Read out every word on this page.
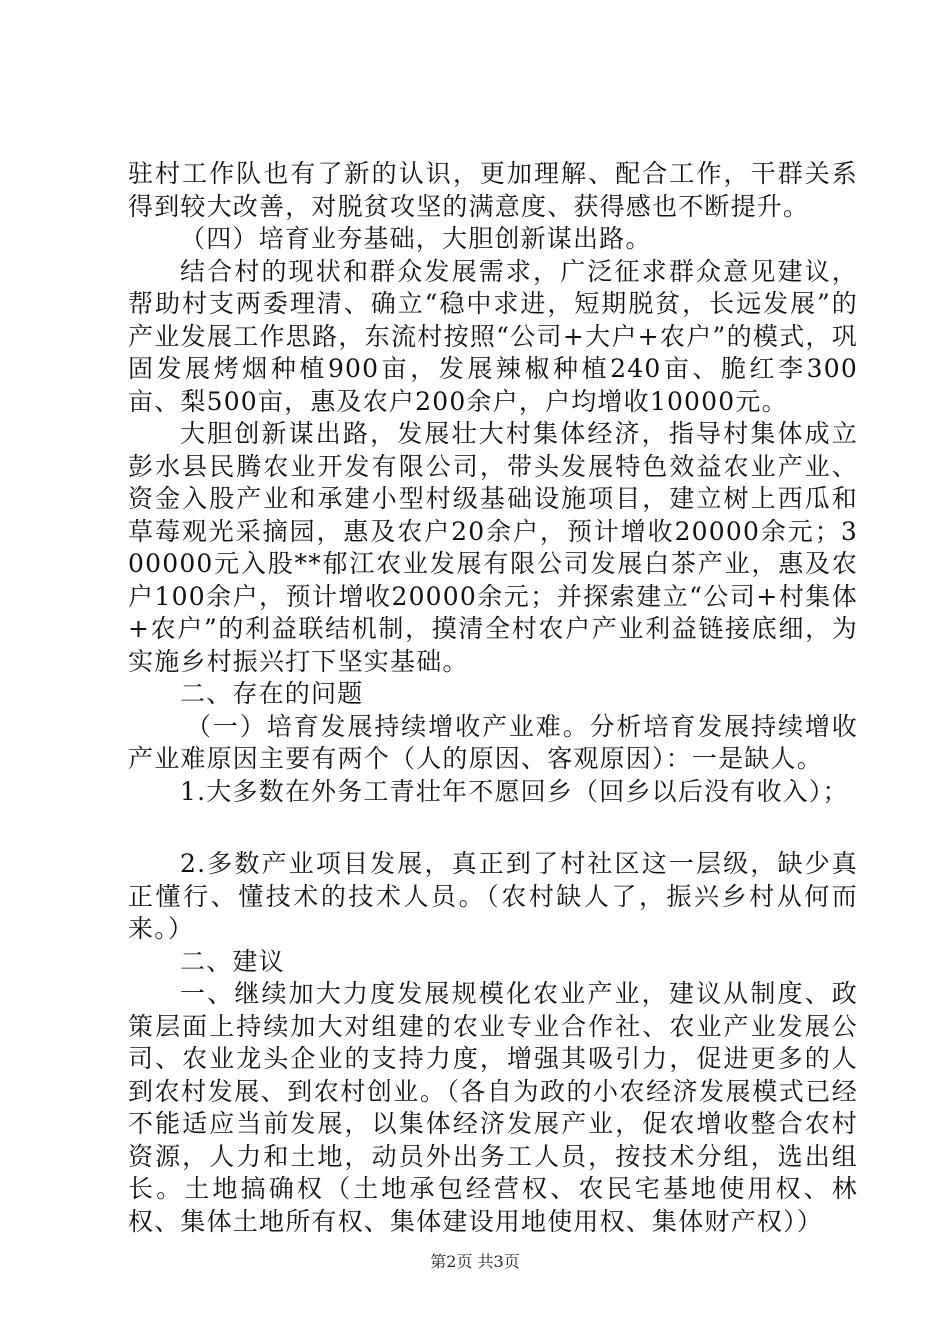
驻村工作队也有了新的认识，更加理解、配合工作，干群关系得到较大改善，对脱贫攻坚的满意度、获得感也不断提升。

（四）培育业夯基础，大胆创新谋出路。

结合村的现状和群众发展需求，广泛征求群众意见建议，帮助村支两委理清、确立“稳中求进，短期脱贫，长远发展”的产业发展工作思路，东流村按照“公司+大户+农户”的模式，巩固发展烤烟种植900亩，发展辣椒种植240亩、脆红李300亩、梨500亩，惠及农户200余户，户均增收10000元。

大胆创新谋出路，发展壮大村集体经济，指导村集体成立彭水县民腾农业开发有限公司，带头发展特色效益农业产业、资金入股产业和承建小型村级基础设施项目，建立树上西瓜和草莓观光采摘园，惠及农户20余户，预计增收20000余元；300000元入股**郁江农业发展有限公司发展白茶产业，惠及农户100余户，预计增收20000余元；并探索建立“公司+村集体+农户”的利益联结机制，摸清全村农户产业利益链接底细，为实施乡村振兴打下坚实基础。

二、存在的问题

（一）培育发展持续增收产业难。分析培育发展持续增收产业难原因主要有两个（人的原因、客观原因）：一是缺人。

1.大多数在外务工青壮年不愿回乡（回乡以后没有收入）；

2.多数产业项目发展，真正到了村社区这一层级，缺少真正懂行、懂技术的技术人员。（农村缺人了，振兴乡村从何而来。）

二、建议

一、继续加大力度发展规模化农业产业，建议从制度、政策层面上持续加大对组建的农业专业合作社、农业产业发展公司、农业龙头企业的支持力度，增强其吸引力，促进更多的人到农村发展、到农村创业。（各自为政的小农经济发展模式已经不能适应当前发展，以集体经济发展产业，促农增收整合农村资源，人力和土地，动员外出务工人员，按技术分组，选出组长。土地搞确权（土地承包经营权、农民宅基地使用权、林权、集体土地所有权、集体建设用地使用权、集体财产权））

第2页 共3页
